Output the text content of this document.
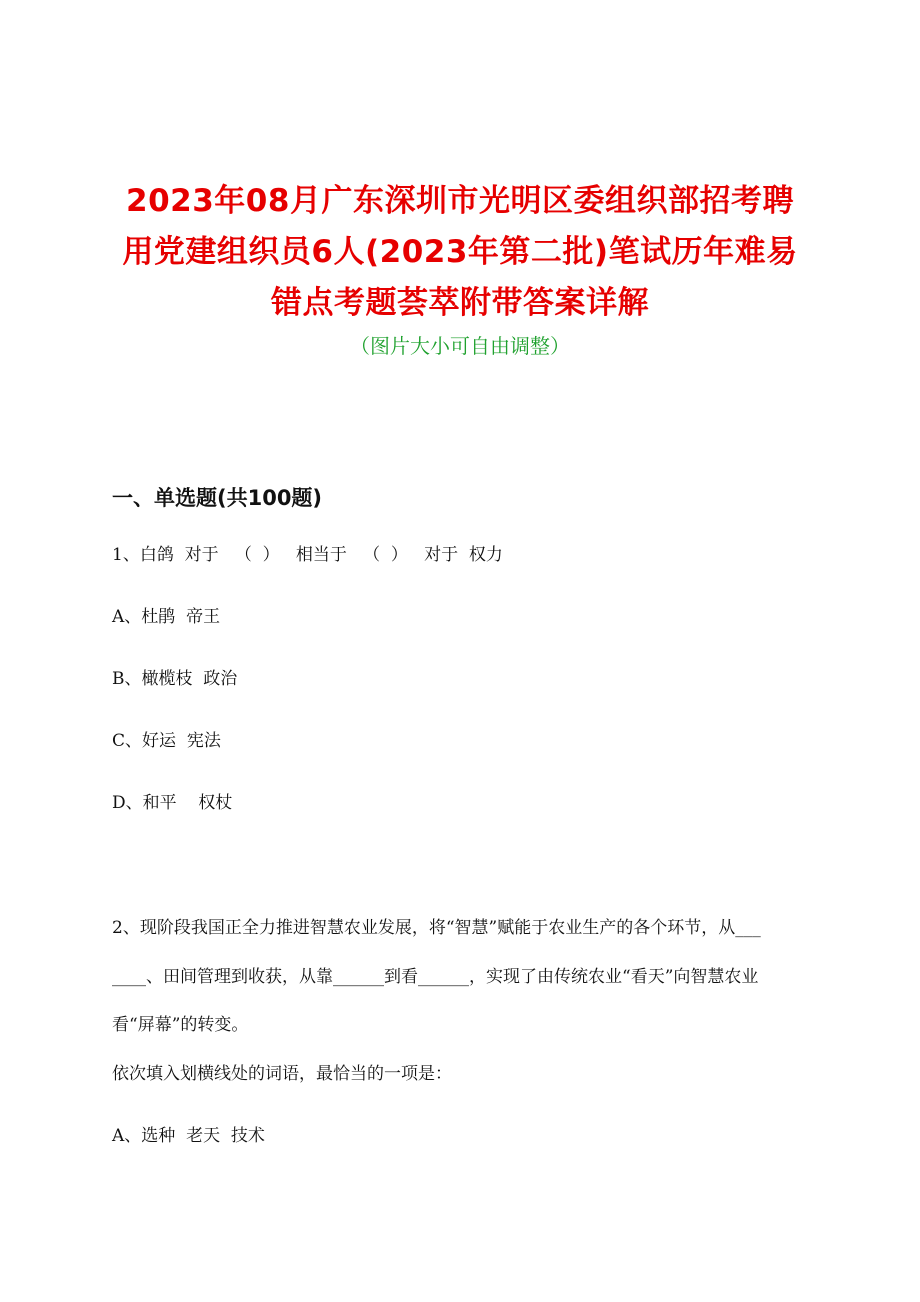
2023年08月广东深圳市光明区委组织部招考聘
用党建组织员6人(2023年第二批)笔试历年难易
错点考题荟萃附带答案详解
（图片大小可自由调整）
一、单选题(共100题)
1、白鸽  对于   （  ）   相当于   （  ）   对于  权力
A、杜鹃  帝王
B、橄榄枝  政治
C、好运  宪法
D、和平    权杖
2、现阶段我国正全力推进智慧农业发展，将“智慧”赋能于农业生产的各个环节，从___
____、田间管理到收获，从靠______到看______，实现了由传统农业“看天”向智慧农业
看“屏幕”的转变。
依次填入划横线处的词语，最恰当的一项是：
A、选种  老天  技术
